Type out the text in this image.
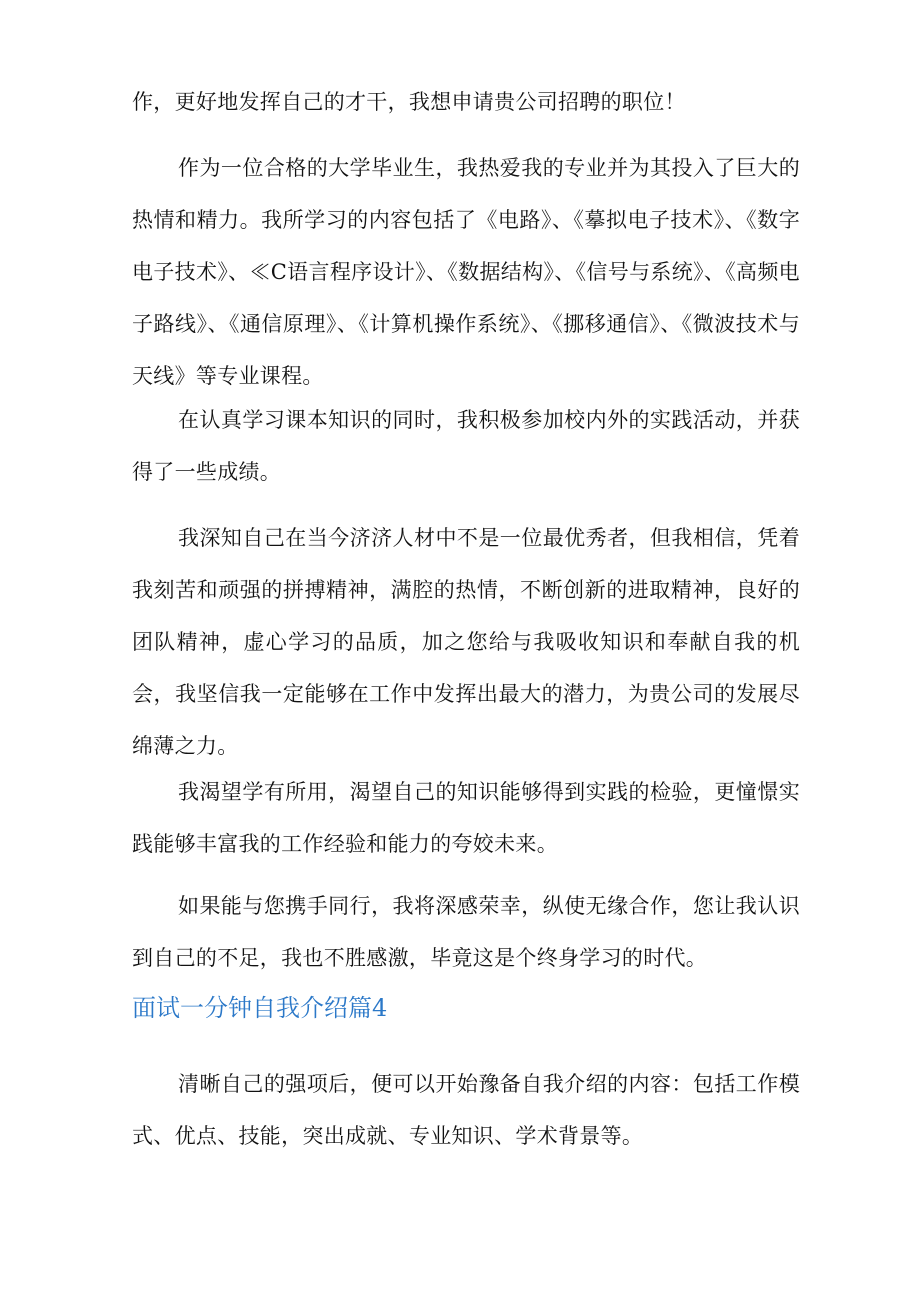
作，更好地发挥自己的才干，我想申请贵公司招聘的职位！

作为一位合格的大学毕业生，我热爱我的专业并为其投入了巨大的热情和精力。我所学习的内容包括了《电路》、《摹拟电子技术》、《数字电子技术》、≪C语言程序设计》、《数据结构》、《信号与系统》、《高频电子路线》、《通信原理》、《计算机操作系统》、《挪移通信》、《微波技术与天线》等专业课程。

在认真学习课本知识的同时，我积极参加校内外的实践活动，并获得了一些成绩。

我深知自己在当今济济人材中不是一位最优秀者，但我相信，凭着我刻苦和顽强的拼搏精神，满腔的热情，不断创新的进取精神，良好的团队精神，虚心学习的品质，加之您给与我吸收知识和奉献自我的机会，我坚信我一定能够在工作中发挥出最大的潜力，为贵公司的发展尽绵薄之力。

我渴望学有所用，渴望自己的知识能够得到实践的检验，更憧憬实践能够丰富我的工作经验和能力的夸姣未来。

如果能与您携手同行，我将深感荣幸，纵使无缘合作，您让我认识到自己的不足，我也不胜感激，毕竟这是个终身学习的时代。

面试一分钟自我介绍篇4

清晰自己的强项后，便可以开始豫备自我介绍的内容：包括工作模式、优点、技能，突出成就、专业知识、学术背景等。
